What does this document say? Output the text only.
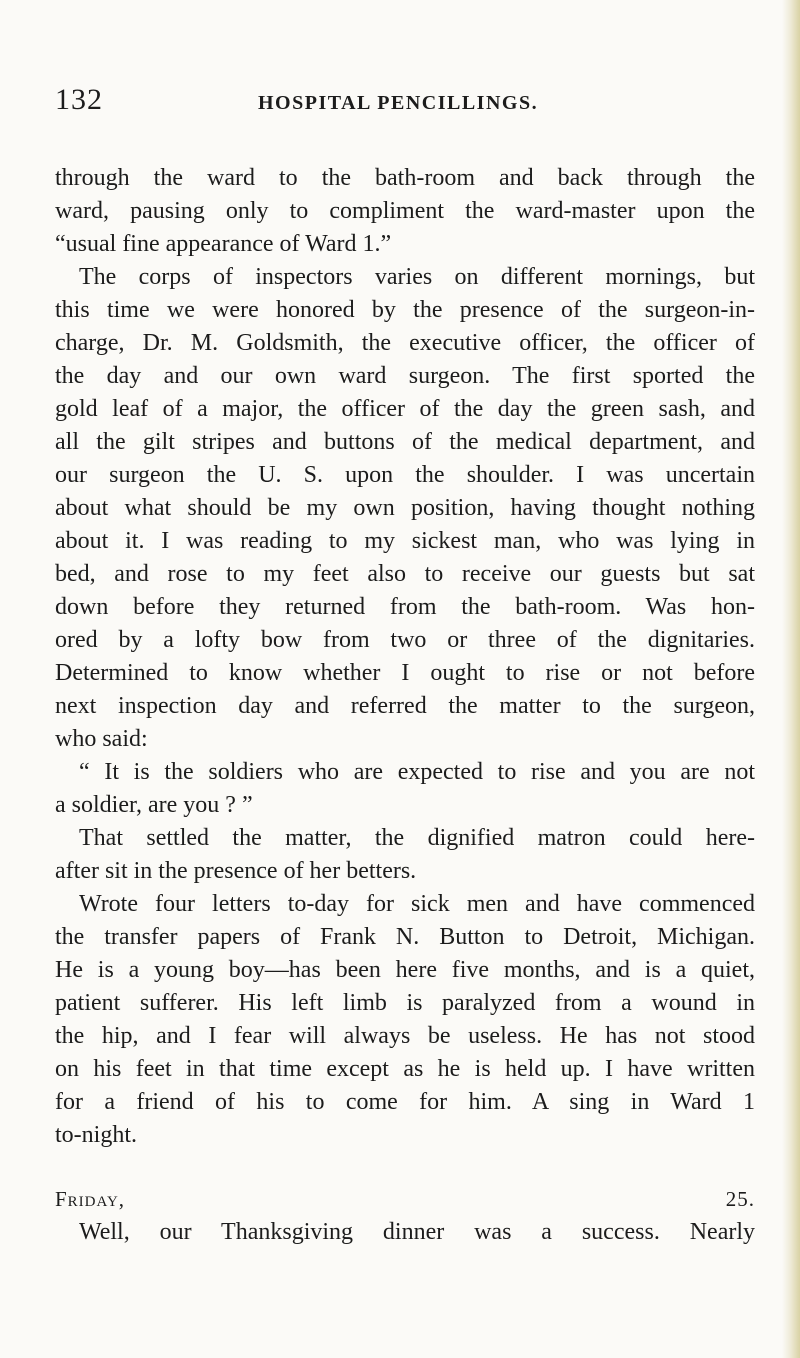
132	HOSPITAL PENCILLINGS.

through the ward to the bath-room and back through the
ward, pausing only to compliment the ward-master upon the
“usual fine appearance of Ward 1.”

The corps of inspectors varies on different mornings, but
this time we were honored by the presence of the surgeon-in-
charge, Dr. M. Goldsmith, the executive officer, the officer of
the day and our own ward surgeon. The first sported the
gold leaf of a major, the officer of the day the green sash, and
all the gilt stripes and buttons of the medical department, and
our surgeon the U. S. upon the shoulder. I was uncertain
about what should be my own position, having thought nothing
about it. I was reading to my sickest man, who was lying in
bed, and rose to my feet also to receive our guests but sat
down before they returned from the bath-room. Was hon-
ored by a lofty bow from two or three of the dignitaries.
Determined to know whether I ought to rise or not before
next inspection day and referred the matter to the surgeon,
who said:

“ It is the soldiers who are expected to rise and you are not
a soldier, are you ? ”

That settled the matter, the dignified matron could here-
after sit in the presence of her betters.

Wrote four letters to-day for sick men and have commenced
the transfer papers of Frank N. Button to Detroit, Michigan.
He is a young boy—has been here five months, and is a quiet,
patient sufferer. His left limb is paralyzed from a wound in
the hip, and I fear will always be useless. He has not stood
on his feet in that time except as he is held up. I have written
for a friend of his to come for him. A sing in Ward 1
to-night.

Friday, 25.

Well, our Thanksgiving dinner was a success. Nearly
